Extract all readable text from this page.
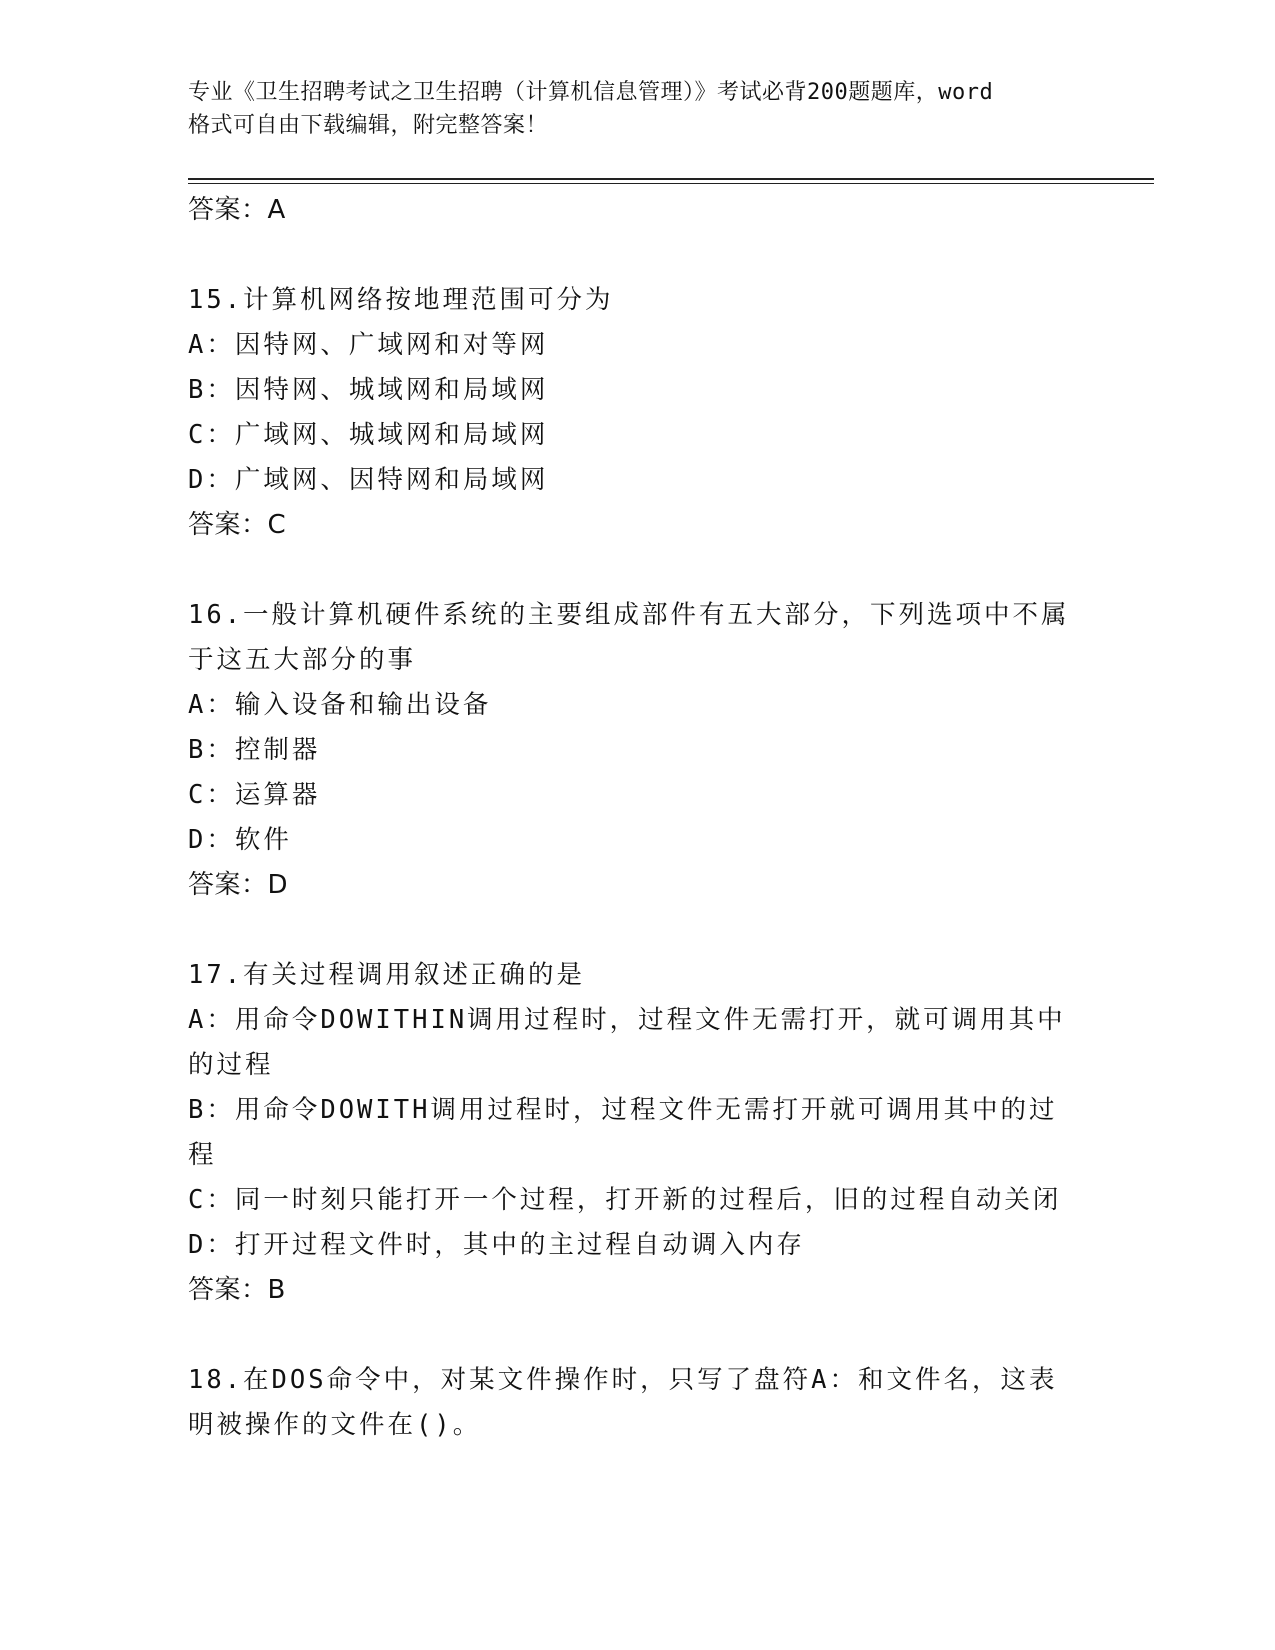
专业《卫生招聘考试之卫生招聘（计算机信息管理）》考试必背200题题库，word
格式可自由下载编辑，附完整答案！
答案：A
15.计算机网络按地理范围可分为
A：因特网、广域网和对等网
B：因特网、城域网和局域网
C：广域网、城域网和局域网
D：广域网、因特网和局域网
答案：C
16.一般计算机硬件系统的主要组成部件有五大部分，下列选项中不属
于这五大部分的事
A：输入设备和输出设备
B：控制器
C：运算器
D：软件
答案：D
17.有关过程调用叙述正确的是
A：用命令DOWITHIN调用过程时，过程文件无需打开，就可调用其中
的过程
B：用命令DOWITH调用过程时，过程文件无需打开就可调用其中的过
程
C：同一时刻只能打开一个过程，打开新的过程后，旧的过程自动关闭
D：打开过程文件时，其中的主过程自动调入内存
答案：B
18.在DOS命令中，对某文件操作时，只写了盘符A：和文件名，这表
明被操作的文件在()。
